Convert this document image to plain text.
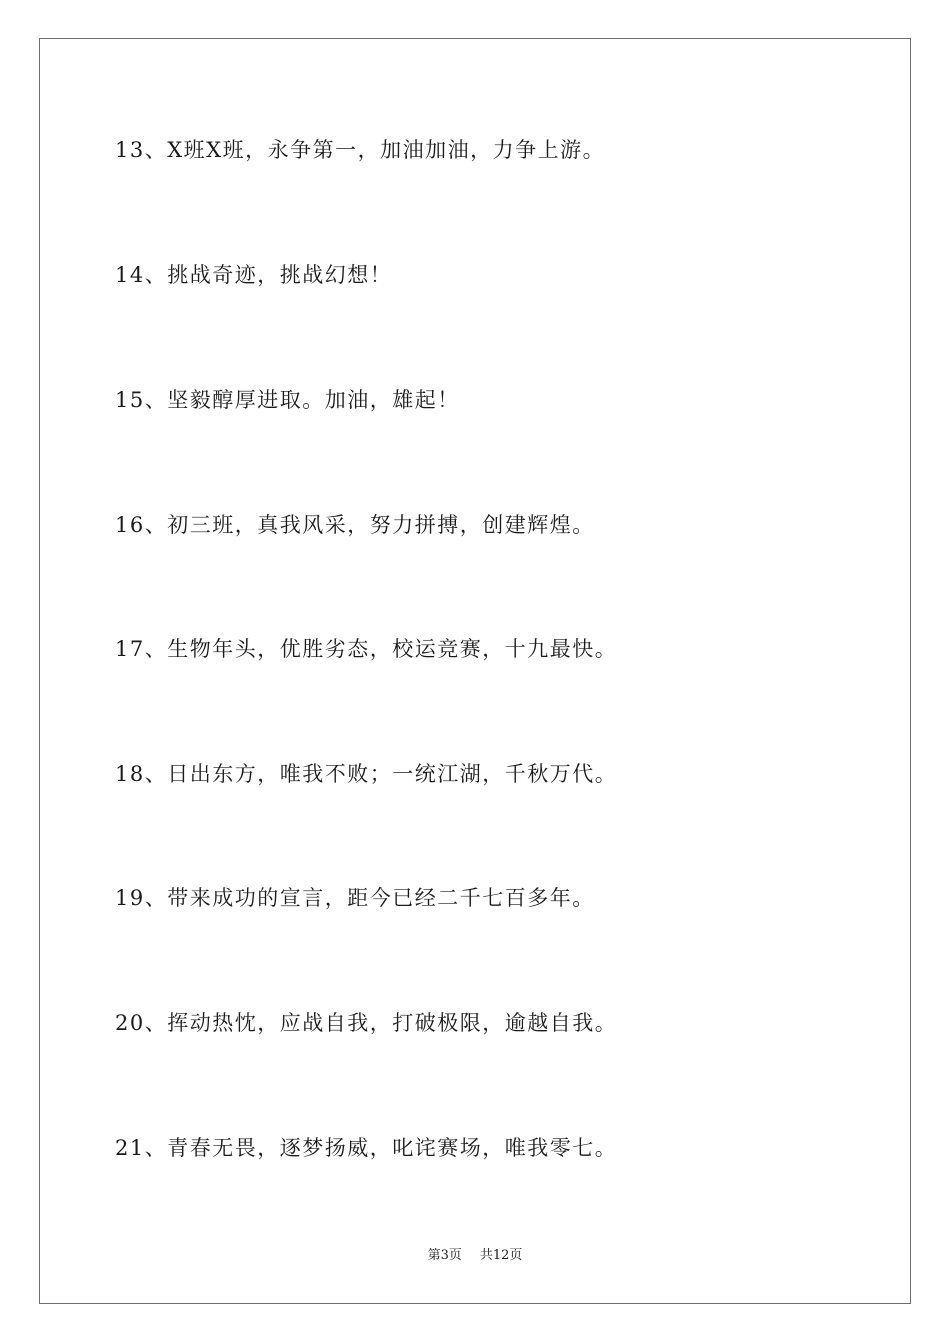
13、X班X班，永争第一，加油加油，力争上游。
14、挑战奇迹，挑战幻想！
15、坚毅醇厚进取。加油，雄起！
16、初三班，真我风采，努力拼搏，创建辉煌。
17、生物年头，优胜劣态，校运竞赛，十九最快。
18、日出东方，唯我不败；一统江湖，千秋万代。
19、带来成功的宣言，距今已经二千七百多年。
20、挥动热忱，应战自我，打破极限，逾越自我。
21、青春无畏，逐梦扬威，叱诧赛场，唯我零七。
第3页 共12页
